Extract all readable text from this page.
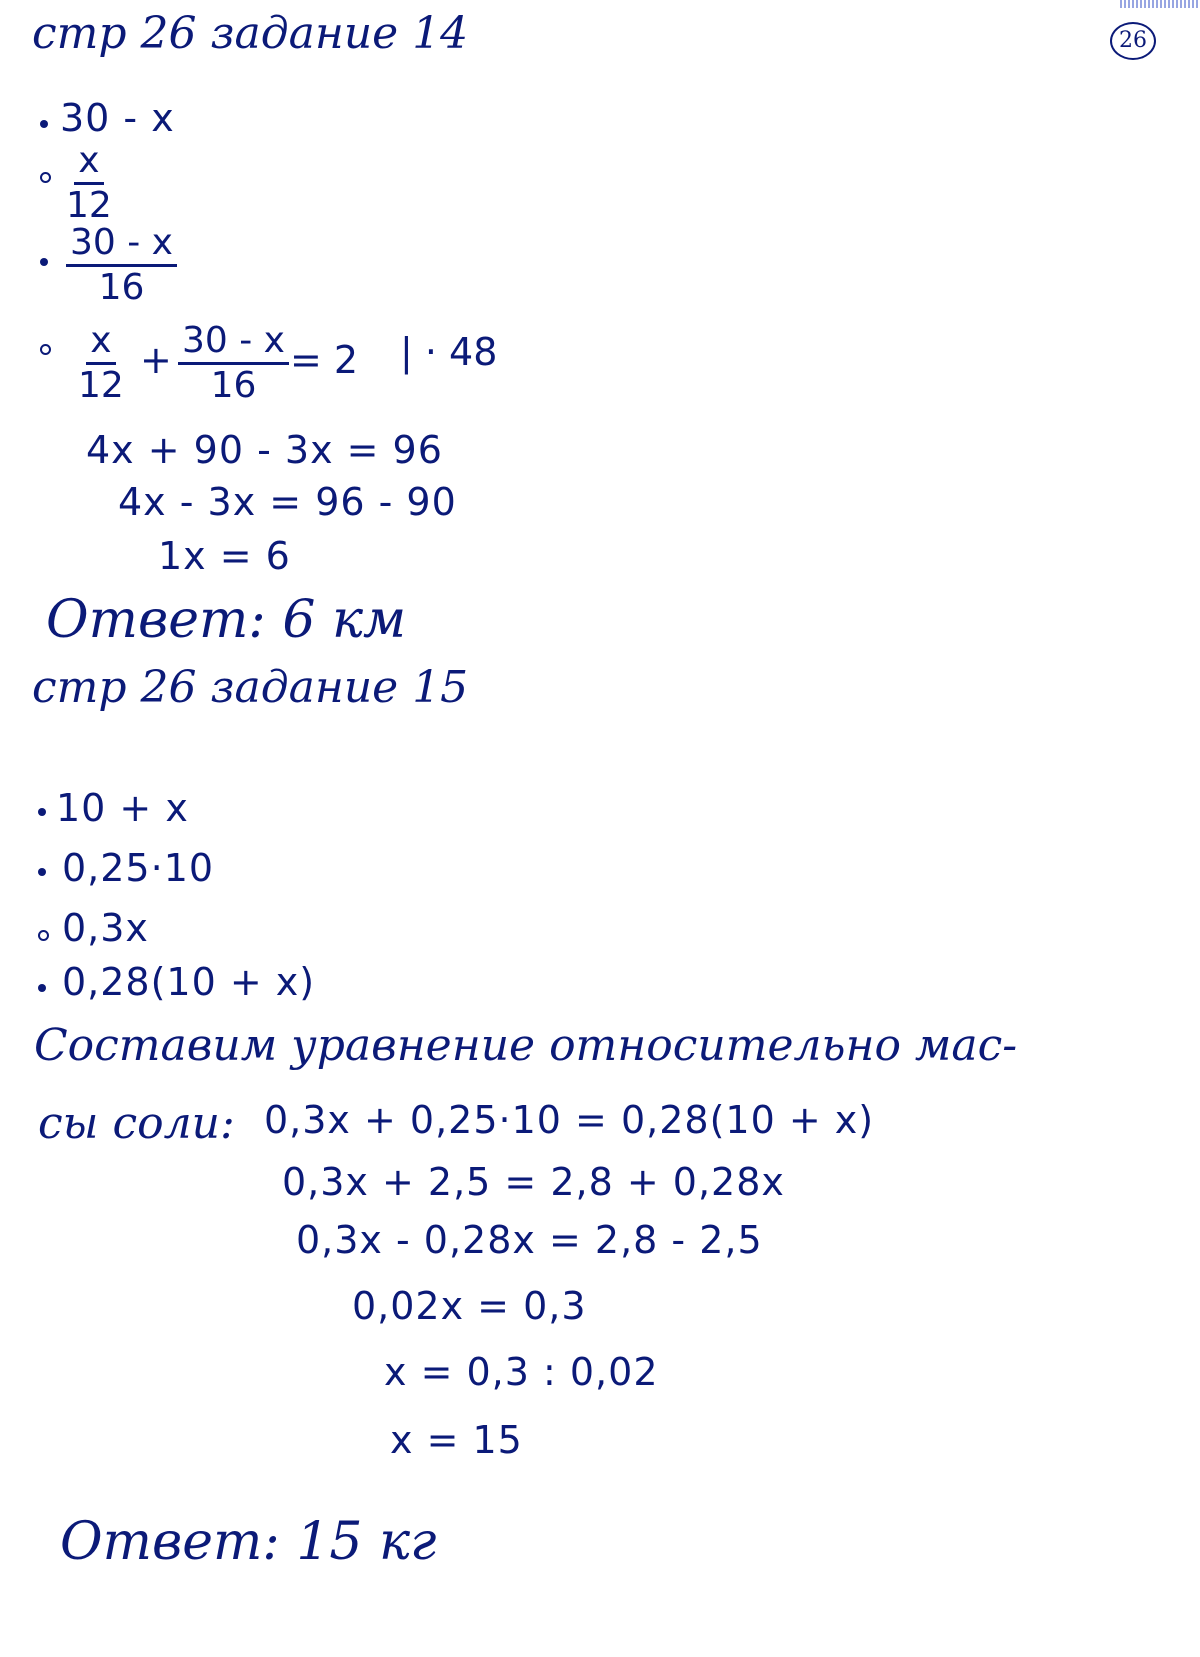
26
стр 26 задание 14
30 - x
$\frac{x}{12}$
$\frac{30 - x}{16}$
$\frac{x}{12} + \frac{30 - x}{16} = 2$ | · 48
4x + 90 - 3x = 96
4x - 3x = 96 - 90
1x = 6
Ответ: 6 км
стр 26 задание 15
10 + x
0,25·10
0,3x
0,28(10 + x)
Составим уравнение относительно мас-
сы соли: 0,3x + 0,25·10 = 0,28(10 + x)
0,3x + 2,5 = 2,8 + 0,28x
0,3x - 0,28x = 2,8 - 2,5
0,02x = 0,3
x = 0,3 : 0,02
x = 15
Ответ: 15 кг
